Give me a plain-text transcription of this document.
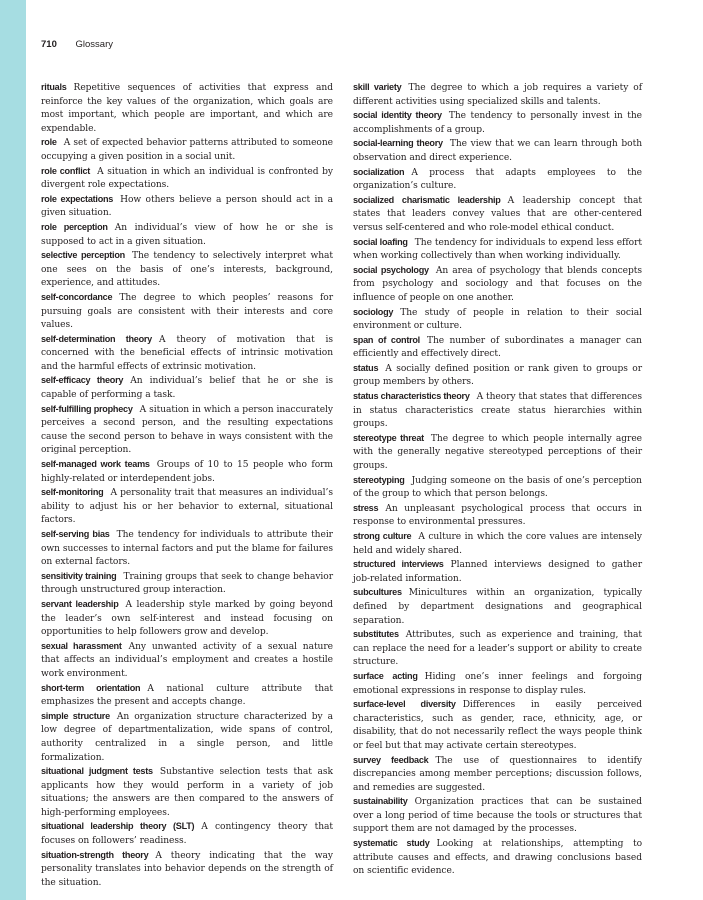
710 Glossary

rituals Repetitive sequences of activities that express and reinforce the key values of the organization, which goals are most important, which people are important, and which are expendable.

role A set of expected behavior patterns attributed to someone occupying a given position in a social unit.

role conflict A situation in which an individual is confronted by divergent role expectations.

role expectations How others believe a person should act in a given situation.

role perception An individual’s view of how he or she is supposed to act in a given situation.

selective perception The tendency to selectively interpret what one sees on the basis of one’s interests, background, experience, and attitudes.

self-concordance The degree to which peoples’ reasons for pursuing goals are consistent with their interests and core values.

self-determination theory A theory of motivation that is concerned with the beneficial effects of intrinsic motivation and the harmful effects of extrinsic motivation.

self-efficacy theory An individual’s belief that he or she is capable of performing a task.

self-fulfilling prophecy A situation in which a person inaccurately perceives a second person, and the resulting expectations cause the second person to behave in ways consistent with the original perception.

self-managed work teams Groups of 10 to 15 people who form highly-related or interdependent jobs.

self-monitoring A personality trait that measures an individual’s ability to adjust his or her behavior to external, situational factors.

self-serving bias The tendency for individuals to attribute their own successes to internal factors and put the blame for failures on external factors.

sensitivity training Training groups that seek to change behavior through unstructured group interaction.

servant leadership A leadership style marked by going beyond the leader’s own self-interest and instead focusing on opportunities to help followers grow and develop.

sexual harassment Any unwanted activity of a sexual nature that affects an individual’s employment and creates a hostile work environment.

short-term orientation A national culture attribute that emphasizes the present and accepts change.

simple structure An organization structure characterized by a low degree of departmentalization, wide spans of control, authority centralized in a single person, and little formalization.

situational judgment tests Substantive selection tests that ask applicants how they would perform in a variety of job situations; the answers are then compared to the answers of high-performing employees.

situational leadership theory (SLT) A contingency theory that focuses on followers’ readiness.

situation-strength theory A theory indicating that the way personality translates into behavior depends on the strength of the situation.

skill variety The degree to which a job requires a variety of different activities using specialized skills and talents.

social identity theory The tendency to personally invest in the accomplishments of a group.

social-learning theory The view that we can learn through both observation and direct experience.

socialization A process that adapts employees to the organization’s culture.

socialized charismatic leadership A leadership concept that states that leaders convey values that are other-centered versus self-centered and who role-model ethical conduct.

social loafing The tendency for individuals to expend less effort when working collectively than when working individually.

social psychology An area of psychology that blends concepts from psychology and sociology and that focuses on the influence of people on one another.

sociology The study of people in relation to their social environment or culture.

span of control The number of subordinates a manager can efficiently and effectively direct.

status A socially defined position or rank given to groups or group members by others.

status characteristics theory A theory that states that differences in status characteristics create status hierarchies within groups.

stereotype threat The degree to which people internally agree with the generally negative stereotyped perceptions of their groups.

stereotyping Judging someone on the basis of one’s perception of the group to which that person belongs.

stress An unpleasant psychological process that occurs in response to environmental pressures.

strong culture A culture in which the core values are intensely held and widely shared.

structured interviews Planned interviews designed to gather job-related information.

subcultures Minicultures within an organization, typically defined by department designations and geographical separation.

substitutes Attributes, such as experience and training, that can replace the need for a leader’s support or ability to create structure.

surface acting Hiding one’s inner feelings and forgoing emotional expressions in response to display rules.

surface-level diversity Differences in easily perceived characteristics, such as gender, race, ethnicity, age, or disability, that do not necessarily reflect the ways people think or feel but that may activate certain stereotypes.

survey feedback The use of questionnaires to identify discrepancies among member perceptions; discussion follows, and remedies are suggested.

sustainability Organization practices that can be sustained over a long period of time because the tools or structures that support them are not damaged by the processes.

systematic study Looking at relationships, attempting to attribute causes and effects, and drawing conclusions based on scientific evidence.
